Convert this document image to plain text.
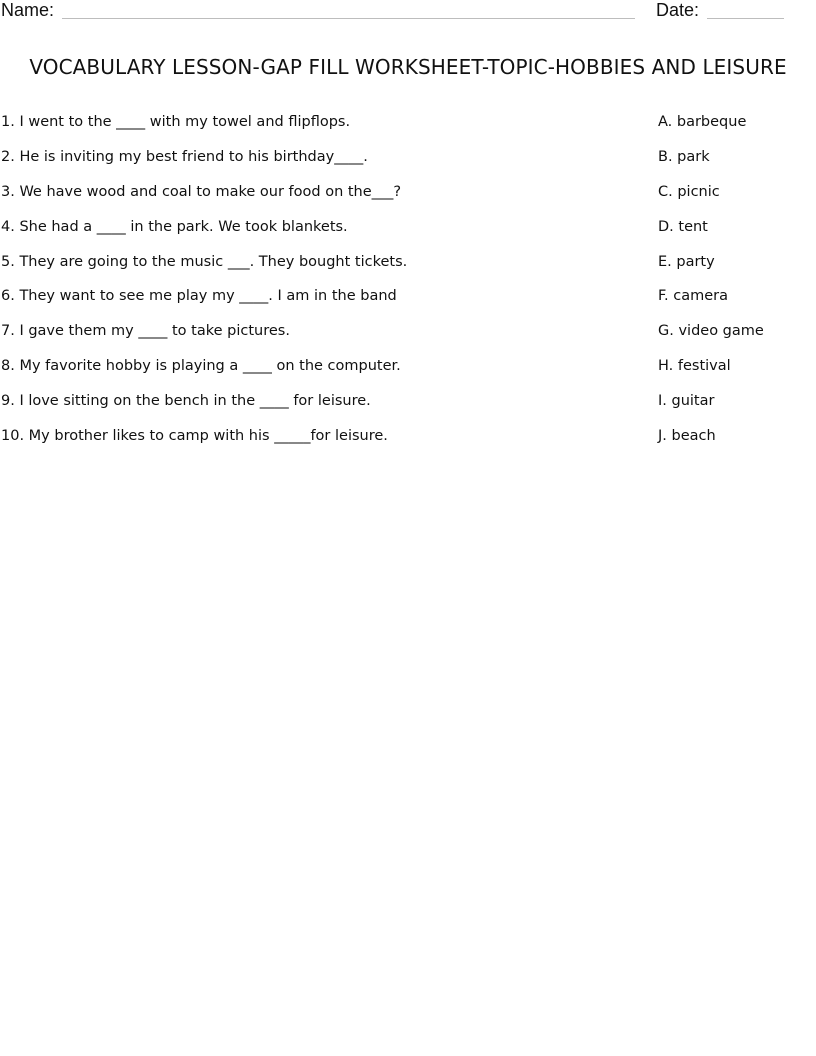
Name:	Date:
VOCABULARY LESSON-GAP FILL WORKSHEET-TOPIC-HOBBIES AND LEISURE
1. I went to the ____ with my towel and flipflops.
2. He is inviting my best friend to his birthday____.
3. We have wood and coal to make our food on the___?
4. She had a ____ in the park. We took blankets.
5. They are going to the music ___. They bought tickets.
6. They want to see me play my ____. I am in the band
7. I gave them my ____ to take pictures.
8. My favorite hobby is playing a ____ on the computer.
9. I love sitting on the bench in the ____ for leisure.
10. My brother likes to camp with his _____for leisure.
A. barbeque
B. park
C. picnic
D. tent
E. party
F. camera
G. video game
H. festival
I. guitar
J. beach
